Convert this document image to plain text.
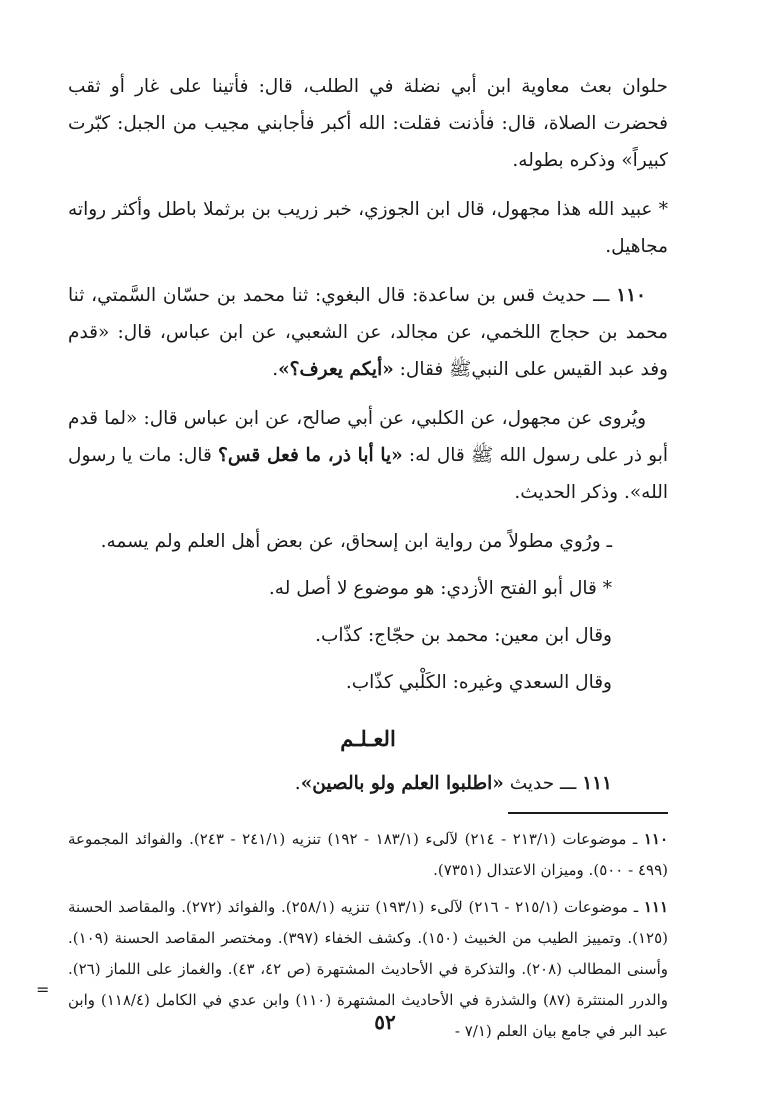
حلوان بعث معاوية ابن أبي نضلة في الطلب، قال: فأتينا على غار أو ثقب فحضرت الصلاة، قال: فأذنت فقلت: الله أكبر فأجابني مجيب من الجبل: كبّرت كبيراً» وذكره بطوله.

* عبيد الله هذا مجهول، قال ابن الجوزي، خبر زريب بن برثملا باطل وأكثر رواته مجاهيل.

١١٠ ـــ حديث قس بن ساعدة: قال البغوي: ثنا محمد بن حسّان السَّمتي، ثنا محمد بن حجاج اللخمي، عن مجالد، عن الشعبي، عن ابن عباس، قال: «قدم وفد عبد القيس على النبيﷺ فقال: «أيكم يعرف؟».

ويُروى عن مجهول، عن الكلبي، عن أبي صالح، عن ابن عباس قال: «لما قدم أبو ذر على رسول الله ﷺ قال له: «يا أبا ذر، ما فعل قس؟ قال: مات يا رسول الله». وذكر الحديث.

ـ ورُوي مطولاً من رواية ابن إسحاق، عن بعض أهل العلم ولم يسمه.

* قال أبو الفتح الأزدي: هو موضوع لا أصل له.

وقال ابن معين: محمد بن حجّاج: كذّاب.

وقال السعدي وغيره: الكَلْبي كذّاب.

العـلـم

١١١ ـــ حديث «اطلبوا العلم ولو بالصين».

١١٠ ـ موضوعات (٢١٣/١ - ٢١٤) لآلىء (١٨٣/١ - ١٩٢) تنزيه (٢٤١/١ - ٢٤٣). والفوائد المجموعة (٤٩٩ - ٥٠٠). وميزان الاعتدال (٧٣٥١).

١١١ ـ موضوعات (٢١٥/١ - ٢١٦) لآلىء (١٩٣/١) تنزيه (٢٥٨/١). والفوائد (٢٧٢). والمقاصد الحسنة (١٢٥). وتمييز الطيب من الخبيث (١٥٠). وكشف الخفاء (٣٩٧). ومختصر المقاصد الحسنة (١٠٩). وأسنى المطالب (٢٠٨). والتذكرة في الأحاديث المشتهرة (ص ٤٢، ٤٣). والغماز على اللماز (٢٦). والدرر المنتثرة (٨٧) والشذرة في الأحاديث المشتهرة (١١٠) وابن عدي في الكامل (١١٨/٤) وابن عبد البر في جامع بيان العلم (٧/١ -

=
٥٢
